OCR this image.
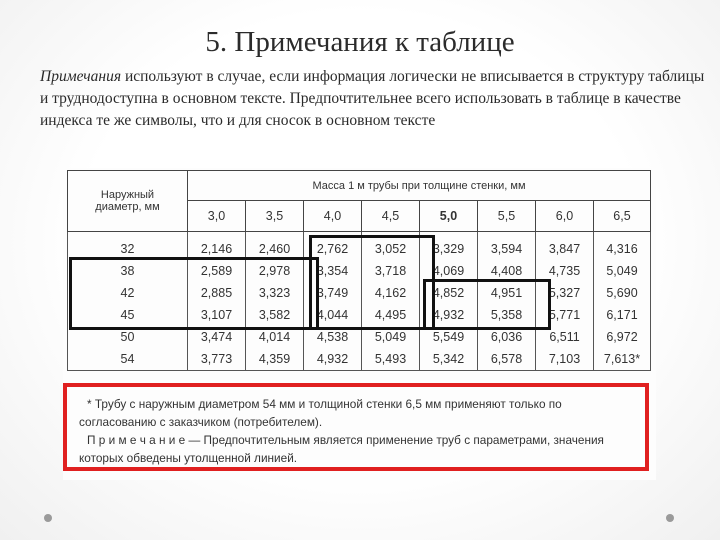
5. Примечания к таблице
Примечания используют в случае, если информация логически не вписывается в структуру таблицы и труднодоступна в основном тексте. Предпочтительнее всего использовать в таблице в качестве индекса те же символы, что и для сносок в основном тексте
Наружный диаметр, мм	Масса 1 м трубы при толщине стенки, мм							
	3,0	3,5	4,0	4,5	5,0	5,5	6,0	6,5
32	2,146	2,460	2,762	3,052	3,329	3,594	3,847	4,316
38	2,589	2,978	3,354	3,718	4,069	4,408	4,735	5,049
42	2,885	3,323	3,749	4,162	4,852	4,951	5,327	5,690
45	3,107	3,582	4,044	4,495	4,932	5,358	5,771	6,171
50	3,474	4,014	4,538	5,049	5,549	6,036	6,511	6,972
54	3,773	4,359	4,932	5,493	5,342	6,578	7,103	7,613*

* Трубу с наружным диаметром 54 мм и толщиной стенки 6,5 мм применяют только по согласованию с заказчиком (потребителем).

П р и м е ч а н и е — Предпочтительным является применение труб с параметрами, значения которых обведены утолщенной линией.
